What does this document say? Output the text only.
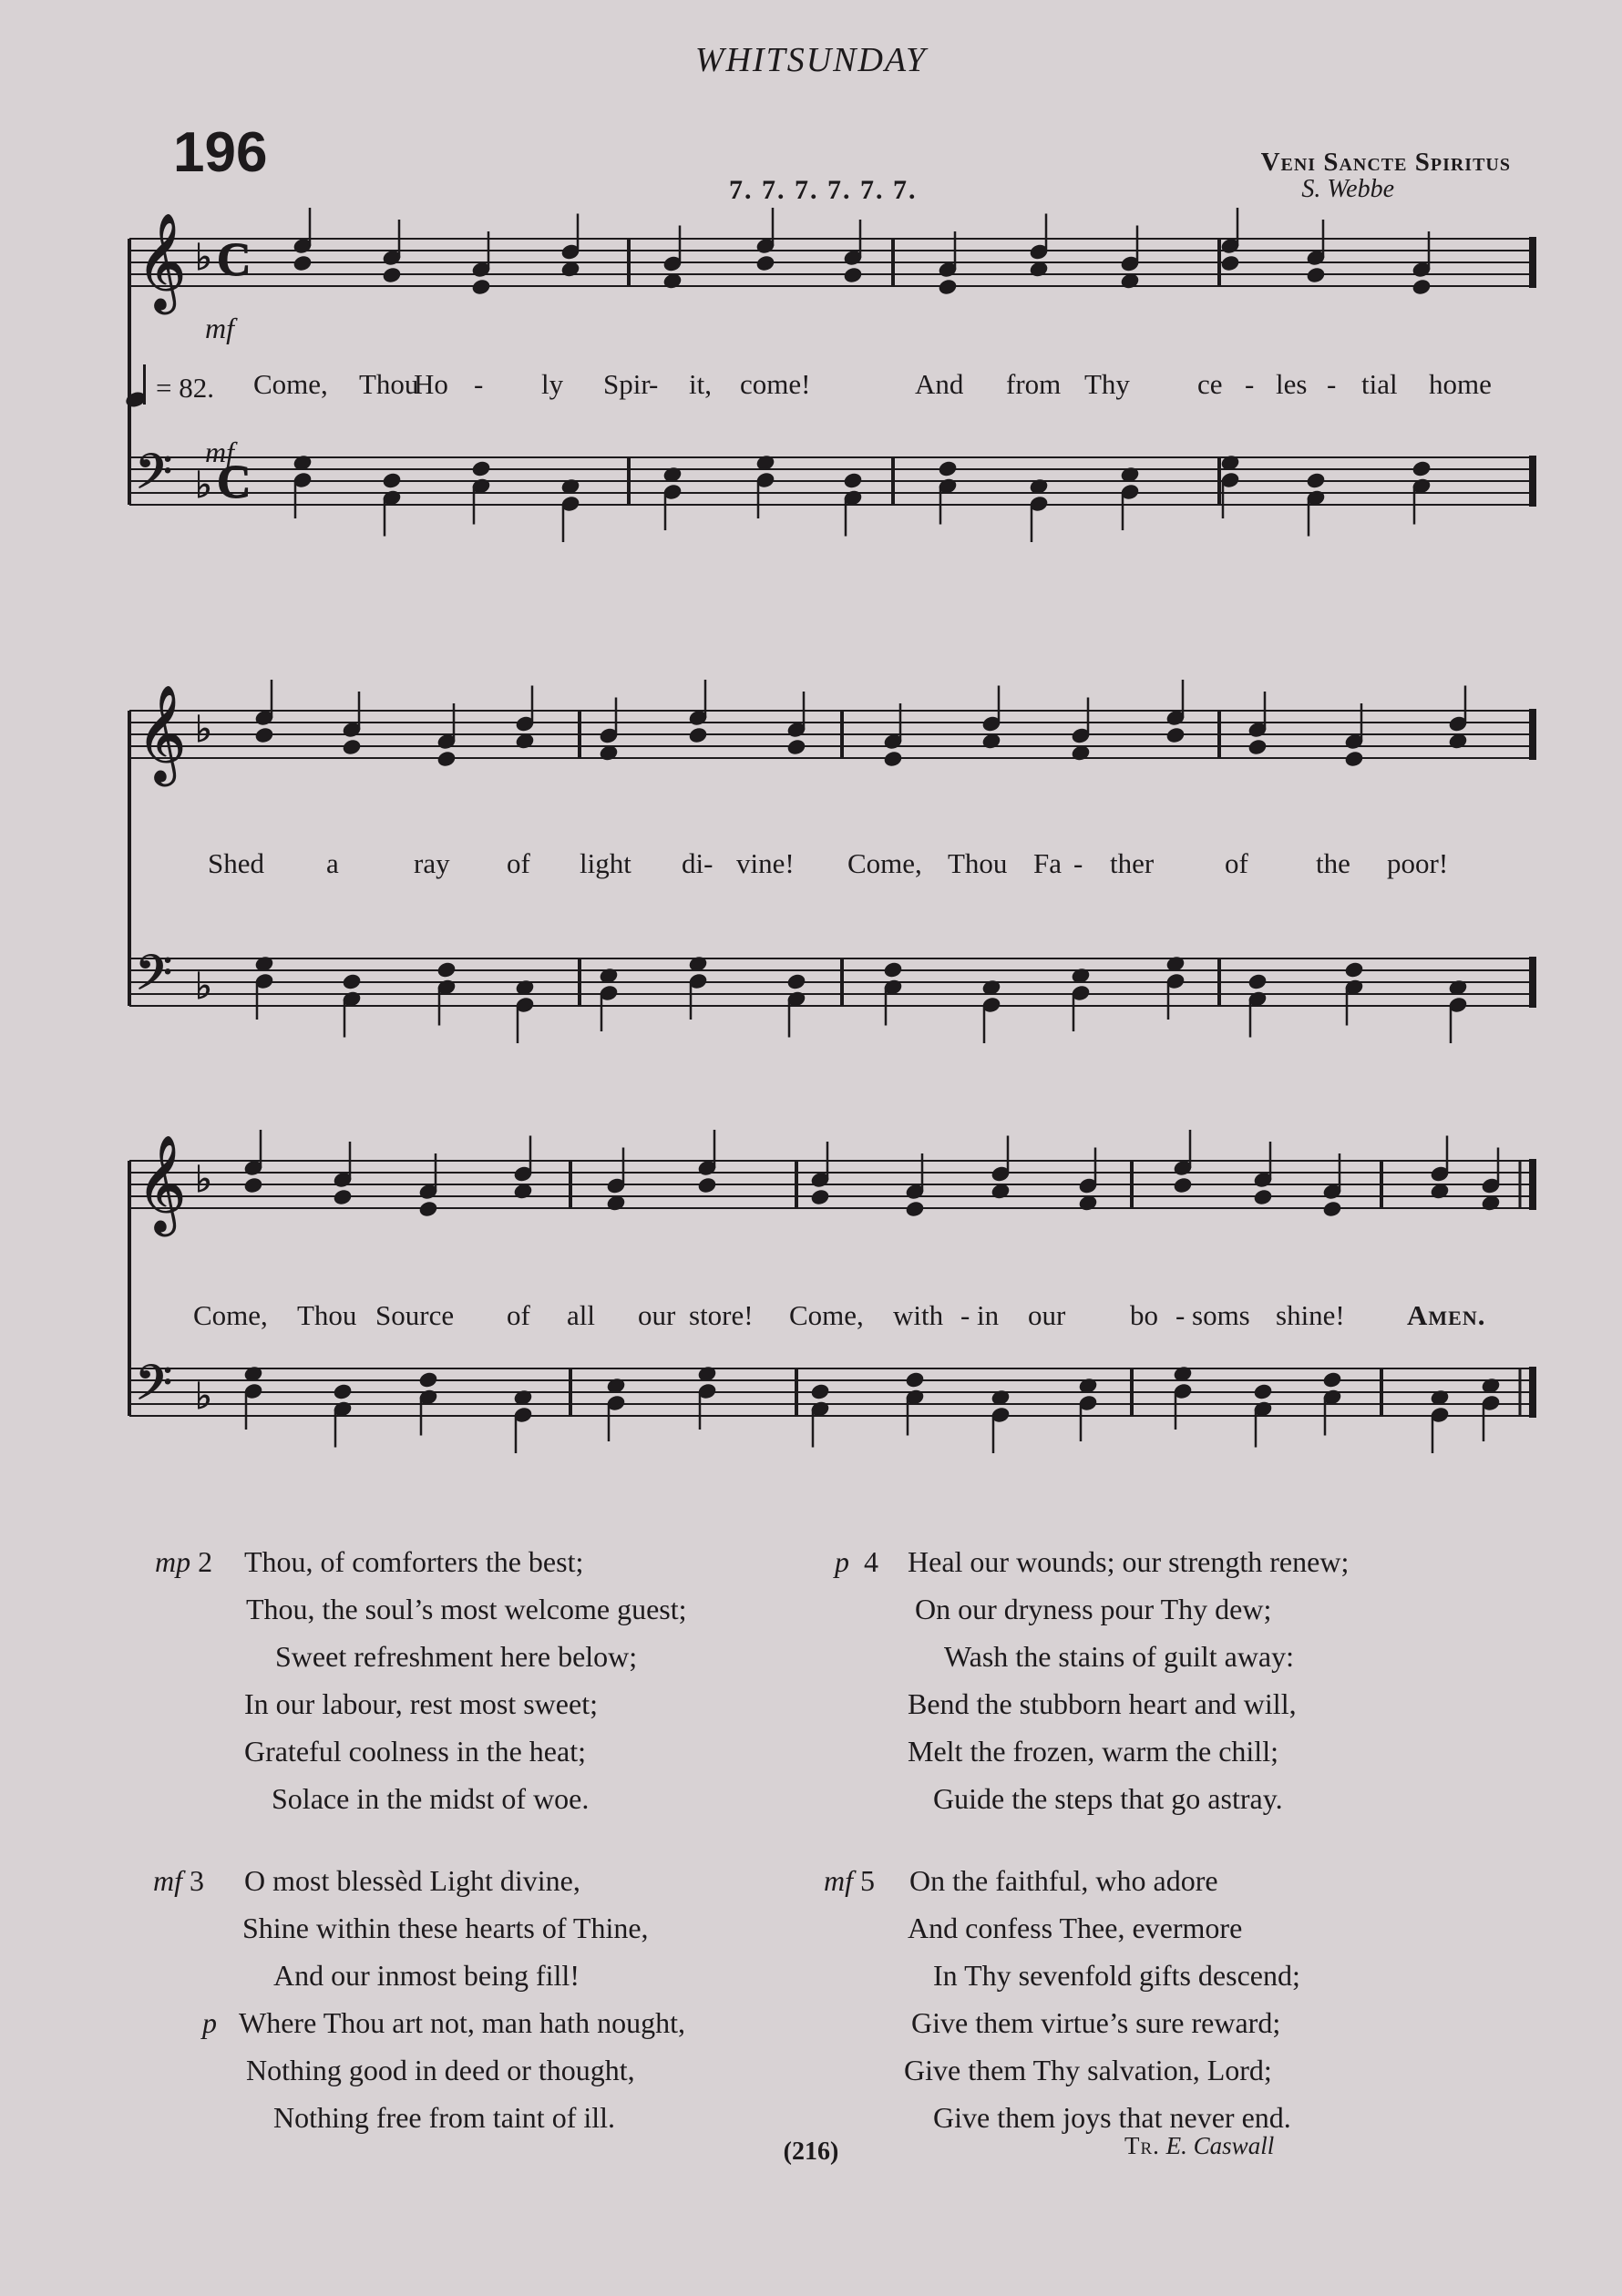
WHITSUNDAY
196
7. 7. 7. 7. 7. 7.
Veni Sancte Spiritus
S. Webbe
𝄞
𝄢
♭
♭
C
C
𝄞
𝄢
♭
♭
𝄞
𝄢
♭
♭
= 82.
mf
mf
Come, Thou
Ho - ly Spir
- it, come!	And from Thy ce - les - tial home
Shed a	ray of light di- vine! Come, Thou Fa - ther	of the poor!
Come, Thou Source of all our store! Come, with - in our bo - soms shine! Amen.
mp 2 Thou, of comforters the best;
Thou, the soul’s most welcome guest;
Sweet refreshment here below;
In our labour, rest most sweet;
Grateful coolness in the heat;
Solace in the midst of woe.
mf 3
p
O most blessèd Light divine,
Shine within these hearts of Thine,
And our inmost being fill!
Where Thou art not, man hath nought,
Nothing good in deed or thought,
Nothing free from taint of ill.
p 4 Heal our wounds; our strength renew;
On our dryness pour Thy dew;
Wash the stains of guilt away:
Bend the stubborn heart and will,
Melt the frozen, warm the chill;
Guide the steps that go astray.
mf 5 On the faithful, who adore
And confess Thee, evermore
In Thy sevenfold gifts descend;
Give them virtue’s sure reward;
Give them Thy salvation, Lord;
Give them joys that never end.
Tr. E. Caswall
(216)
